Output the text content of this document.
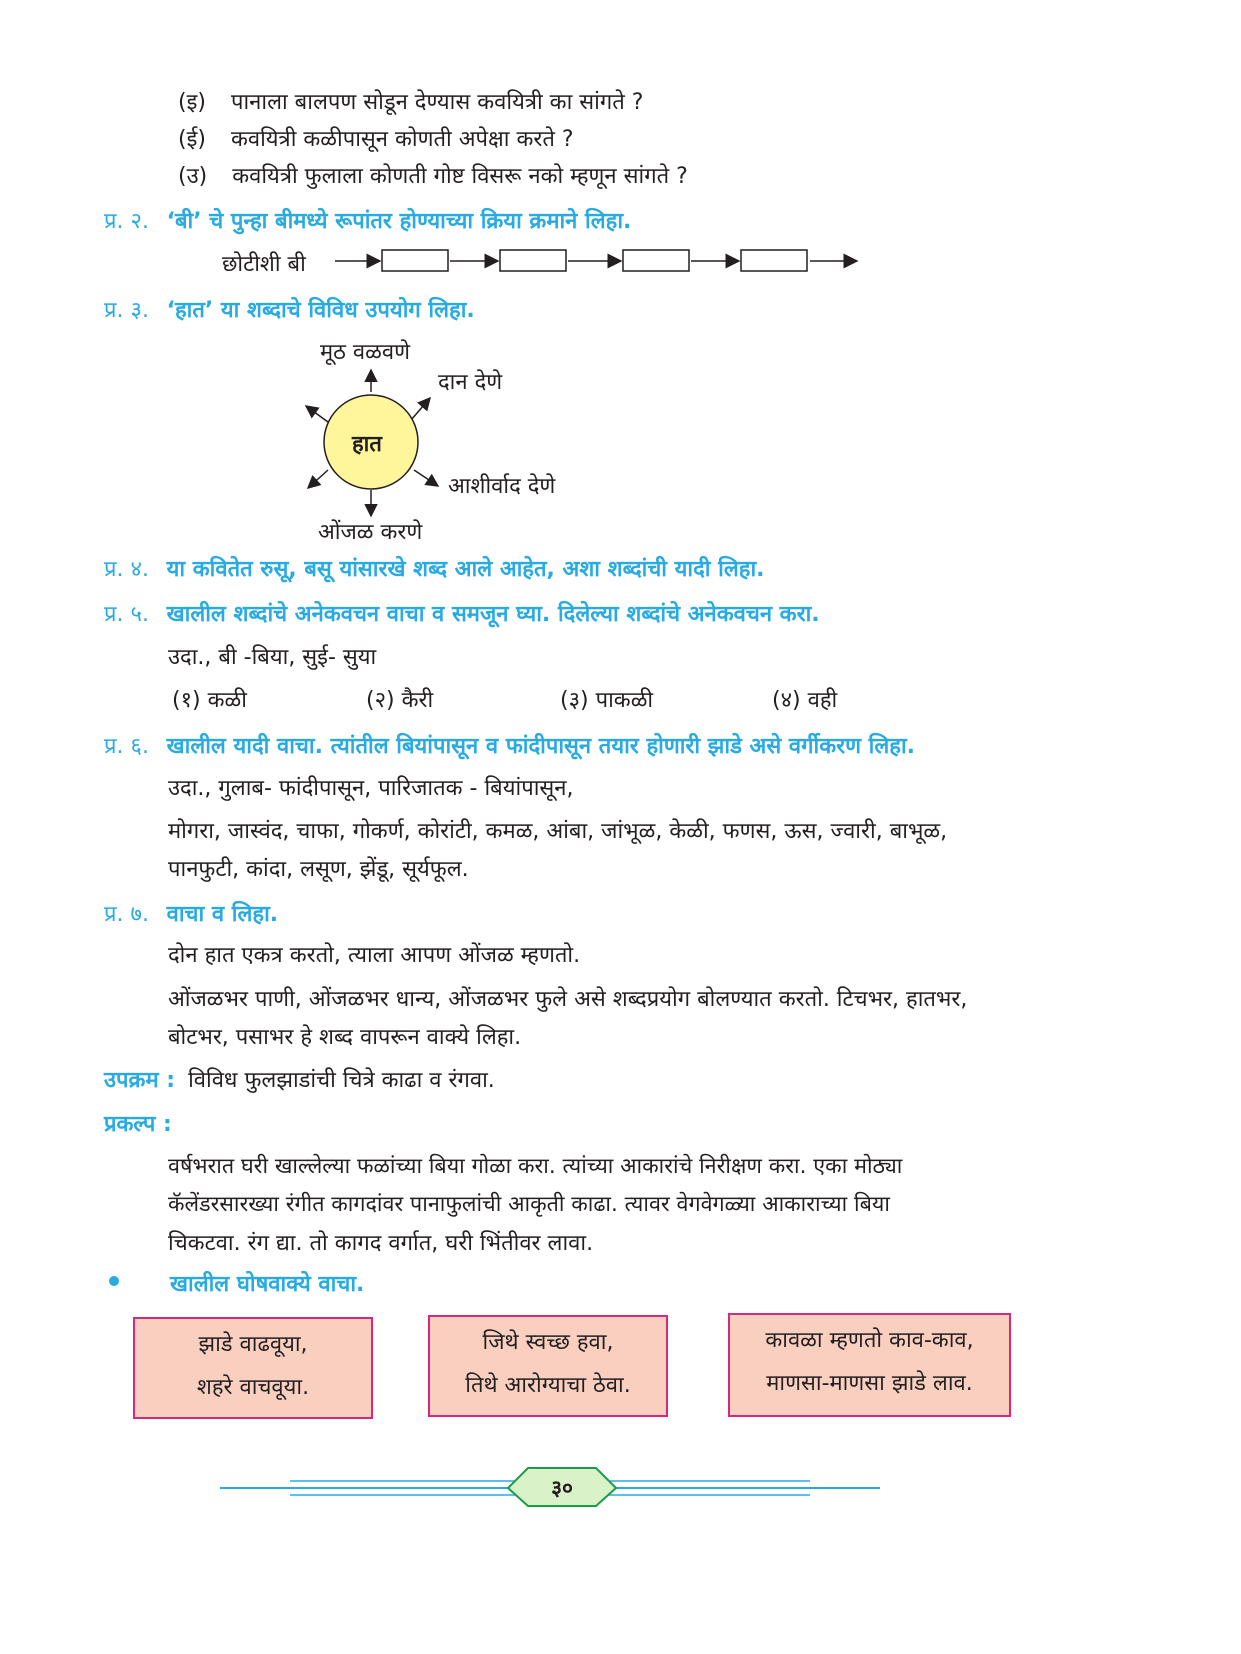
(इ) पानाला बालपण सोडून देण्यास कवयित्री का सांगते ?
(ई) कवयित्री कळीपासून कोणती अपेक्षा करते ?
(उ) कवयित्री फुलाला कोणती गोष्ट विसरू नको म्हणून सांगते ?
प्र. २. ‘बी’ चे पुन्हा बीमध्ये रूपांतर होण्याच्या क्रिया क्रमाने लिहा.
छोटीशी बी
प्र. ३. ‘हात’ या शब्दाचे विविध उपयोग लिहा.
हात
मूठ वळवणे
दान देणे
आशीर्वाद देणे
ओंजळ करणे
प्र. ४. या कवितेत रुसू, बसू यांसारखे शब्द आले आहेत, अशा शब्दांची यादी लिहा.
प्र. ५. खालील शब्दांचे अनेकवचन वाचा व समजून घ्या. दिलेल्या शब्दांचे अनेकवचन करा.
उदा., बी -बिया, सुई- सुया
(१) कळी	(२) कैरी	(३) पाकळी	(४) वही
प्र. ६. खालील यादी वाचा. त्यांतील बियांपासून व फांदीपासून तयार होणारी झाडे असे वर्गीकरण लिहा.
उदा., गुलाब- फांदीपासून, पारिजातक - बियांपासून,
मोगरा, जास्वंद, चाफा, गोकर्ण, कोरांटी, कमळ, आंबा, जांभूळ, केळी, फणस, ऊस, ज्वारी, बाभूळ,
पानफुटी, कांदा, लसूण, झेंडू, सूर्यफूल.
प्र. ७. वाचा व लिहा.
दोन हात एकत्र करतो, त्याला आपण ओंजळ म्हणतो.
ओंजळभर पाणी, ओंजळभर धान्य, ओंजळभर फुले असे शब्दप्रयोग बोलण्यात करतो. टिचभर, हातभर,
बोटभर, पसाभर हे शब्द वापरून वाक्ये लिहा.
उपक्रम : विविध फुलझाडांची चित्रे काढा व रंगवा.
प्रकल्प :
वर्षभरात घरी खाल्लेल्या फळांच्या बिया गोळा करा. त्यांच्या आकारांचे निरीक्षण करा. एका मोठ्या
कॅलेंडरसारख्या रंगीत कागदांवर पानाफुलांची आकृती काढा. त्यावर वेगवेगळ्या आकाराच्या बिया
चिकटवा. रंग द्या. तो कागद वर्गात, घरी भिंतीवर लावा.
खालील घोषवाक्ये वाचा.
झाडे वाढवूया,
शहरे वाचवूया.
जिथे स्वच्छ हवा,
तिथे आरोग्याचा ठेवा.
कावळा म्हणतो काव-काव,
माणसा-माणसा झाडे लाव.
३०
